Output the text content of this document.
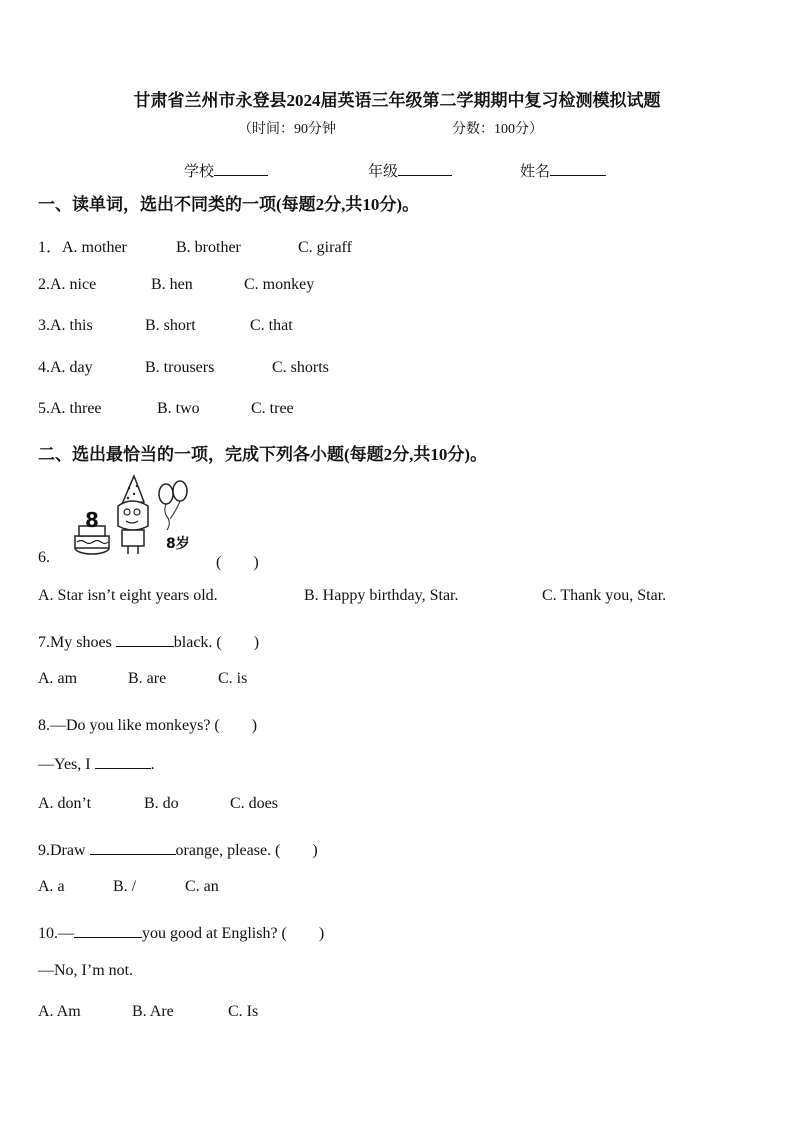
甘肃省兰州市永登县2024届英语三年级第二学期期中复习检测模拟试题
（时间：90分钟	分数：100分）
学校	年级	姓名
一、读单词，选出不同类的一项(每题2分,共10分)。
1．A. mother	B. brother	C. giraff
2.A. nice	B. hen	C. monkey
3.A. this	B. short	C. that
4.A. day	B. trousers	C. shorts
5.A. three	B. two	C. tree
二、选出最恰当的一项，完成下列各小题(每题2分,共10分)。
6.
8
8岁
(　　)
A. Star isn’t eight years old.	B. Happy birthday, Star.	C. Thank you, Star.
7.My shoes	black. (　　)
A. am	B. are	C. is
8.—Do you like monkeys? (　　)
—Yes, I	.
A. don’t	B. do	C. does
9.Draw	orange, please. (　　)
A. a	B. /	C. an
10.—	you good at English? (　　)
—No, I’m not.
A. Am	B. Are	C. Is
